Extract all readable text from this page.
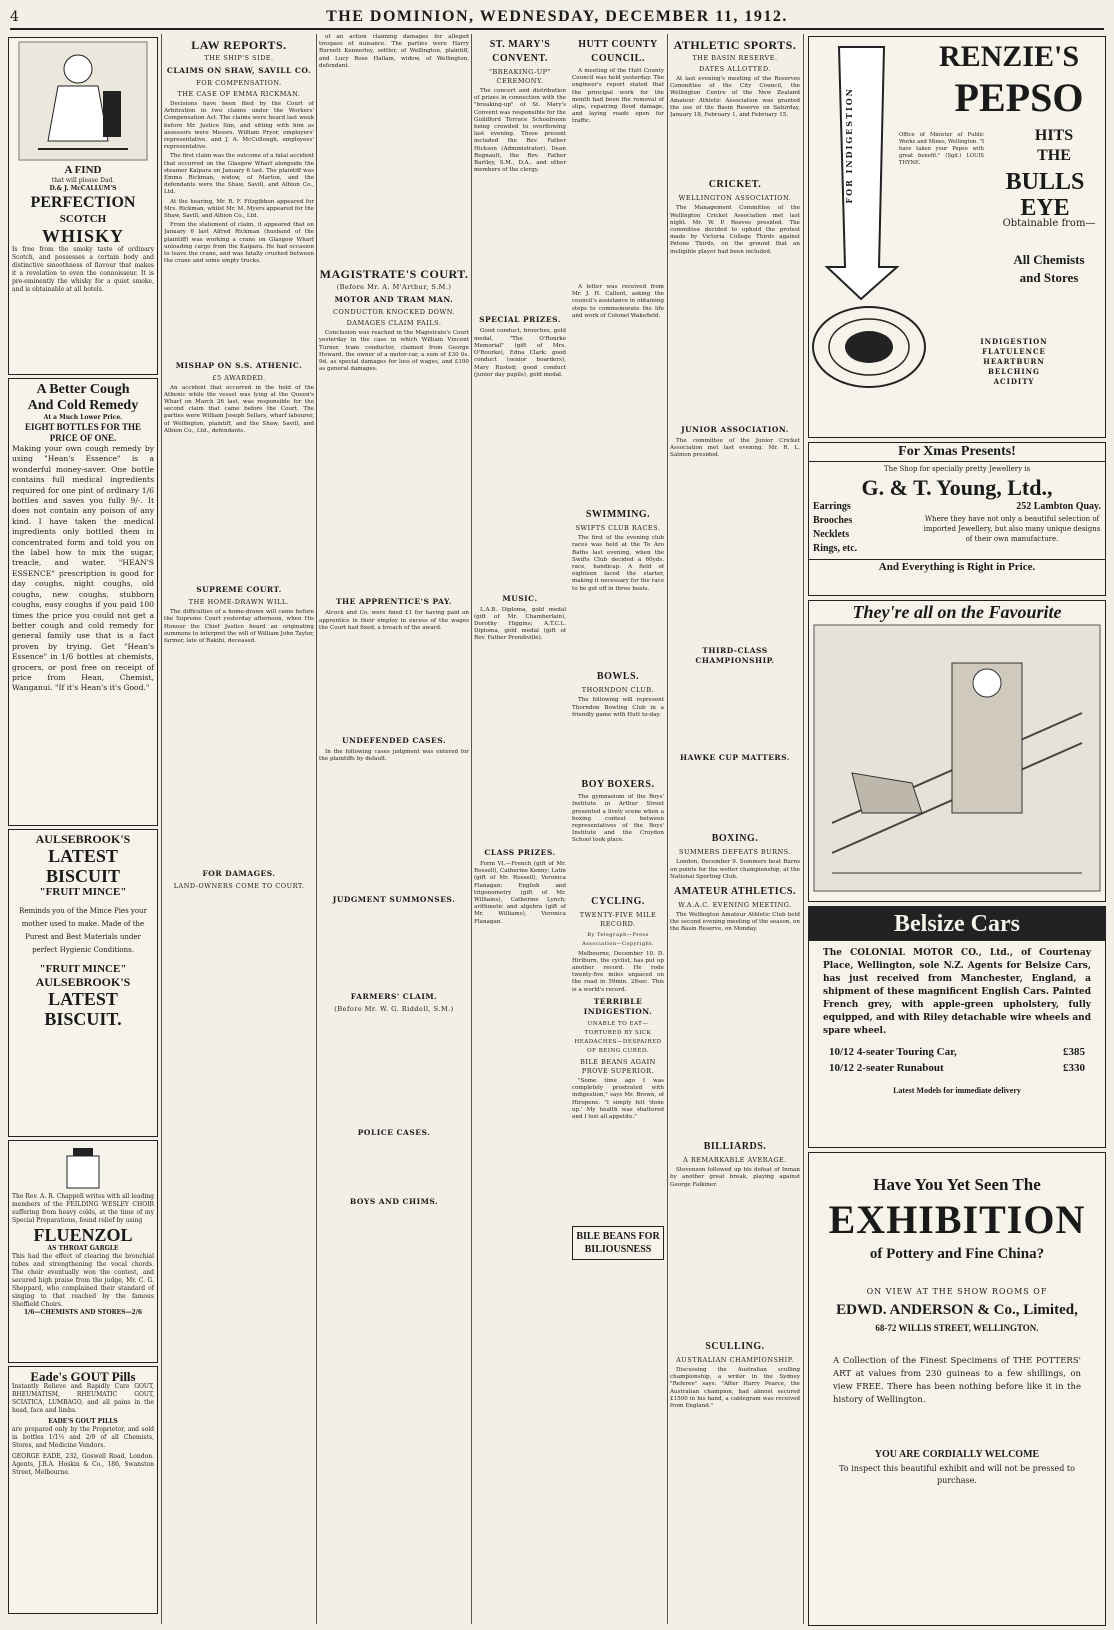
4	THE DOMINION, WEDNESDAY, DECEMBER 11, 1912.
A FIND
that will please Dad.
D.& J. McCALLUM'S
PERFECTION
SCOTCH
WHISKY
Is free from the smoky taste of ordinary Scotch, and possesses a certain body and distinctive smoothness of flavour that makes it a revelation to even the connoisseur. It is pre-eminently the whisky for a quiet smoke, and is obtainable at all hotels.
A Better Cough
And Cold Remedy
At a Much Lower Price.
EIGHT BOTTLES FOR THE PRICE OF ONE.
Making your own cough remedy by using "Hean's Essence" is a wonderful money-saver. One bottle contains full medical ingredients required for one pint of ordinary 1/6 bottles and saves you fully 9/-. It does not contain any poison of any kind. I have taken the medical ingredients only bottled them in concentrated form and told you on the label how to mix the sugar, treacle, and water. "HEAN'S ESSENCE" prescription is good for day coughs, night coughs, old coughs, new coughs, stubborn coughs, easy coughs if you paid 100 times the price you could not get a better cough and cold remedy for general family use that is a fact proven by trying. Get "Hean's Essence" in 1/6 bottles at chemists, grocers, or post free on receipt of price from Hean, Chemist, Wanganui. "If it's Hean's it's Good."
AULSEBROOK'S
LATEST
BISCUIT
"FRUIT MINCE"
Reminds you of the Mince Pies your mother used to make. Made of the Purest and Best Materials under perfect Hygienic Conditions.
"FRUIT MINCE"
AULSEBROOK'S
LATEST
BISCUIT.
The Rev. A. R. Chappell writes with all leading members of the FEILDING WESLEY CHOIR suffering from heavy colds, at the time of my Special Preparations, found relief by using
FLUENZOL
AS THROAT GARGLE
This had the effect of clearing the bronchial tubes and strengthening the vocal chords. The choir eventually won the contest, and secured high praise from the judge, Mr. C. G. Sheppard, who complained their standard of singing to that reached by the famous Sheffield Choirs.
1/6—CHEMISTS AND STORES—2/6
Eade's GOUT Pills
Instantly Relieve and Rapidly Cure GOUT, RHEUMATISM, RHEUMATIC GOUT, SCIATICA, LUMBAGO, and all pains in the head, face and limbs.
EADE'S GOUT PILLS
are prepared only by the Proprietor, and sold in bottles 1/1½ and 2/9 of all Chemists, Stores, and Medicine Vendors.
GEORGE EADE, 232, Goswell Road, London. Agents, J.B.A. Hoskin & Co., 186, Swanston Street, Melbourne.
LAW REPORTS.
THE SHIP'S SIDE.
CLAIMS ON SHAW, SAVILL CO.
FOR COMPENSATION.
THE CASE OF EMMA RICKMAN.

Decisions have been filed by the Court of Arbitration in two claims under the Workers' Compensation Act. The claims were heard last week before Mr. Justice Sim, and sitting with him as assessors were Messrs. William Pryor, employers' representative, and J. A. McCullough, employees' representative.

The first claim was the outcome of a fatal accident that occurred on the Glasgow Wharf alongside the steamer Kaipara on January 6 last. The plaintiff was Emma Rickman, widow, of Marton, and the defendants were the Shaw, Savill, and Albion Co., Ltd.

At the hearing, Mr. R. F. Fitzgibbon appeared for Mrs. Rickman, whilst Mr. M. Myers appeared for the Shaw, Savill, and Albion Co., Ltd.

From the statement of claim, it appeared that on January 6 last Alfred Rickman (husband of the plaintiff) was working a crane on Glasgow Wharf unloading cargo from the Kaipara. He had occasion to leave the crane, and was fatally crushed between the crane and some empty trucks.

MISHAP ON S.S. ATHENIC.
£5 AWARDED.

An accident that occurred in the hold of the Athenic while the vessel was lying at the Queen's Wharf on March 26 last, was responsible for the second claim that came before the Court. The parties were William Joseph Sellars, wharf labourer, of Wellington, plaintiff, and the Shaw, Savill, and Albion Co., Ltd., defendants.

SUPREME COURT.
THE HOME-DRAWN WILL.

The difficulties of a home-drawn will came before the Supreme Court yesterday afternoon, when His Honour the Chief Justice heard an originating summons to interpret the will of William John Taylor, farmer, late of Rakihi, deceased.

FOR DAMAGES.
LAND-OWNERS COME TO COURT.

of an action claiming damages for alleged trespass of nuisance. The parties were Harry Burnett Kennerley, settler, of Wellington, plaintiff, and Lucy Rose Hallam, widow, of Wellington, defendant.

MAGISTRATE'S COURT.
(Before Mr. A. M'Arthur, S.M.)
MOTOR AND TRAM MAN.
CONDUCTOR KNOCKED DOWN.
DAMAGES CLAIM FAILS.

Conclusion was reached in the Magistrate's Court yesterday in the case in which William Vincent Turner, tram conductor, claimed from George Howard, the owner of a motor-car, a sum of £30 0s. 9d. as special damages for loss of wages, and £100 as general damages.

THE APPRENTICE'S PAY.

Alcock and Co. were fined £1 for having paid an apprentice in their employ in excess of the wages the Court had fixed, a breach of the award.

UNDEFENDED CASES.

In the following cases judgment was entered for the plaintiffs by default.

JUDGMENT SUMMONSES.

FARMERS' CLAIM.
(Before Mr. W. G. Riddell, S.M.)

POLICE CASES.

BOYS AND CHIMS.
ST. MARY'S CONVENT.
"BREAKING-UP" CEREMONY.

The concert and distribution of prizes in connection with the "breaking-up" of St. Mary's Convent was responsible for the Guildford Terrace Schoolroom being crowded to overflowing last evening. Those present included the Rev. Father Hickson (Administrator), Dean Regnault, the Rev. Father Bartley, S.M., D.A., and other members of the clergy.

SPECIAL PRIZES.

Good conduct, brooches, gold medal, "The O'Rourke Memorial" (gift of Mrs. O'Rourke), Edna Clark; good conduct (senior boarders), Mary Rusted; good conduct (junior day pupils), gold medal.

MUSIC.

L.A.B. Diploma, gold medal (gift of Mr. Chamberlain), Dorothy Higgins; A.T.C.L. Diploma, gold medal (gift of Rev. Father Prendiville).

CLASS PRIZES.

Form VI.—French (gift of Mr. Rossell), Catherine Kenny; Latin (gift of Mr. Rossell), Veronica Flanagan; English and trigonometry (gift of Mr. Williams), Catherine Lynch; arithmetic and algebra (gift of Mr. Williams), Veronica Flanagan.

HUTT COUNTY COUNCIL.

A meeting of the Hutt County Council was held yesterday. The engineer's report stated that the principal work for the month had been the removal of slips, repairing flood damage, and laying roads open for traffic.

A letter was received from Mr. J. H. Callent, asking the council's assistance in obtaining steps to commemorate the life and work of Colonel Wakefield.

SWIMMING.
SWIFTS CLUB RACES.

The first of the evening club races was held at the Te Aro Baths last evening, when the Swifts Club decided a 60yds. race, handicap. A field of eighteen faced the starter, making it necessary for the race to be got off in three heats.

BOWLS.
THORNDON CLUB.

The following will represent Thorndon Bowling Club in a friendly game with Hutt to-day.

BOY BOXERS.

The gymnasium of the Boys' Institute in Arthur Street presented a lively scene when a boxing contest between representatives of the Boys' Institute and the Croydon School took place.

CYCLING.
TWENTY-FIVE MILE RECORD.
By Telegraph—Press Association—Copyright.

Melbourne, December 10. D. Hirlburn, the cyclist, has put up another record. He rode twenty-five miles unpaced on the road in 59min. 28sec. This is a world's record.

TERRIBLE INDIGESTION.
UNABLE TO EAT—TORTURED BY SICK HEADACHES—DESPAIRED OF BEING CURED.
BILE BEANS AGAIN PROVE SUPERIOR.

"Some time ago I was completely prostrated with indigestion," says Mr. Brown, of Hiropene. "I simply felt 'done up.' My health was shattered and I lost all appetite."

BILE BEANS FOR BILIOUSNESS
ATHLETIC SPORTS.
THE BASIN RESERVE.
DATES ALLOTTED.

At last evening's meeting of the Reserves Committee of the City Council, the Wellington Centre of the New Zealand Amateur Athletic Association was granted the use of the Basin Reserve on Saturday, January 18, February 1, and February 15.

CRICKET.
WELLINGTON ASSOCIATION.

The Management Committee of the Wellington Cricket Association met last night. Mr. W. P. Reeves presided. The committee decided to uphold the protest made by Victoria College Thirds against Petone Thirds, on the ground that an ineligible player had been included.

JUNIOR ASSOCIATION.

The committee of the Junior Cricket Association met last evening. Mr. R. L. Salmon presided.

THIRD-CLASS CHAMPIONSHIP.

HAWKE CUP MATTERS.

BOXING.
SUMMERS DEFEATS BURNS.

London, December 9. Summers beat Burns on points for the welter championship, at the National Sporting Club.

AMATEUR ATHLETICS.
W.A.A.C. EVENING MEETING.

The Wellington Amateur Athletic Club held the second evening meeting of the season, on the Basin Reserve, on Monday.

BILLIARDS.
A REMARKABLE AVERAGE.

Stevenson followed up his defeat of Inman by another great break, playing against George Falkiner.

SCULLING.
AUSTRALIAN CHAMPIONSHIP.

Discussing the Australian sculling championship, a writer in the Sydney "Referee" says: "After Harry Pearce, the Australian champion, had almost secured £1500 in his hand, a cablegram was received from England."

RENZIE'S
PEPSO
FOR INDIGESTION	HITS
THE
BULLS EYE
Office of Minister of Public Works and Mines, Wellington. "I have taken your Pepso with great benefit." (Sgd.) LOUIS THYNE.
Obtainable from—
All Chemists
and Stores
INDIGESTION
FLATULENCE
HEARTBURN
BELCHING
ACIDITY
For Xmas Presents!
The Shop for specially pretty Jewellery is
G. & T. Young, Ltd.,
Earrings
Brooches
Necklets
Rings, etc.
252 Lambton Quay.
Where they have not only a beautiful selection of imported Jewellery, but also many unique designs of their own manufacture.
And Everything is Right in Price.
They're all on the Favourite
Belsize Cars
The COLONIAL MOTOR CO., Ltd., of Courtenay Place, Wellington, sole N.Z. Agents for Belsize Cars, has just received from Manchester, England, a shipment of these magnificent English Cars. Painted French grey, with apple-green upholstery, fully equipped, and with Riley detachable wire wheels and spare wheel.
10/12 4-seater Touring Car,	£385
10/12 2-seater Runabout	£330
Latest Models for immediate delivery
Have You Yet Seen The
EXHIBITION
of Pottery and Fine China?
ON VIEW AT THE SHOW ROOMS OF
EDWD. ANDERSON & Co., Limited,
68-72 WILLIS STREET, WELLINGTON.
A Collection of the Finest Specimens of THE POTTERS' ART at values from 230 guineas to a few shillings, on view FREE. There has been nothing before like it in the history of Wellington.
YOU ARE CORDIALLY WELCOME
To inspect this beautiful exhibit and will not be pressed to purchase.
